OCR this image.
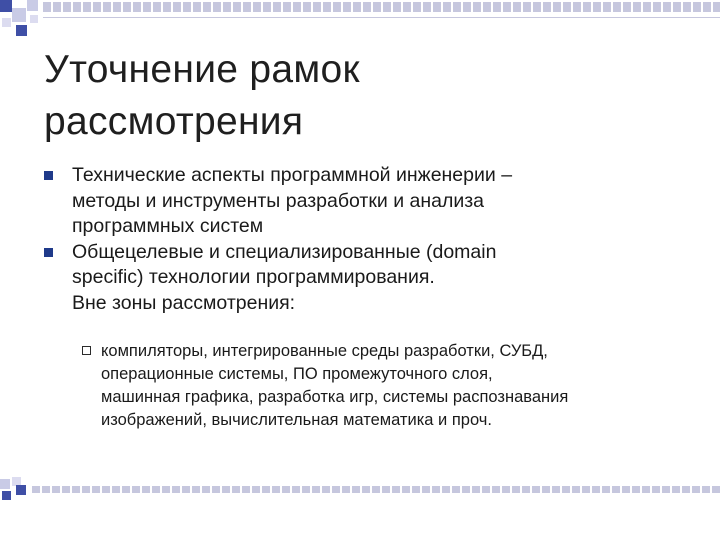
Уточнение рамок
рассмотрения
Технические аспекты программной инженерии –
методы и инструменты разработки и анализа
программных систем
Общецелевые и специализированные (domain
specific) технологии программирования.
Вне зоны рассмотрения:
компиляторы, интегрированные среды разработки, СУБД,
операционные системы, ПО промежуточного слоя,
машинная графика, разработка игр, системы распознавания
изображений, вычислительная математика и проч.
